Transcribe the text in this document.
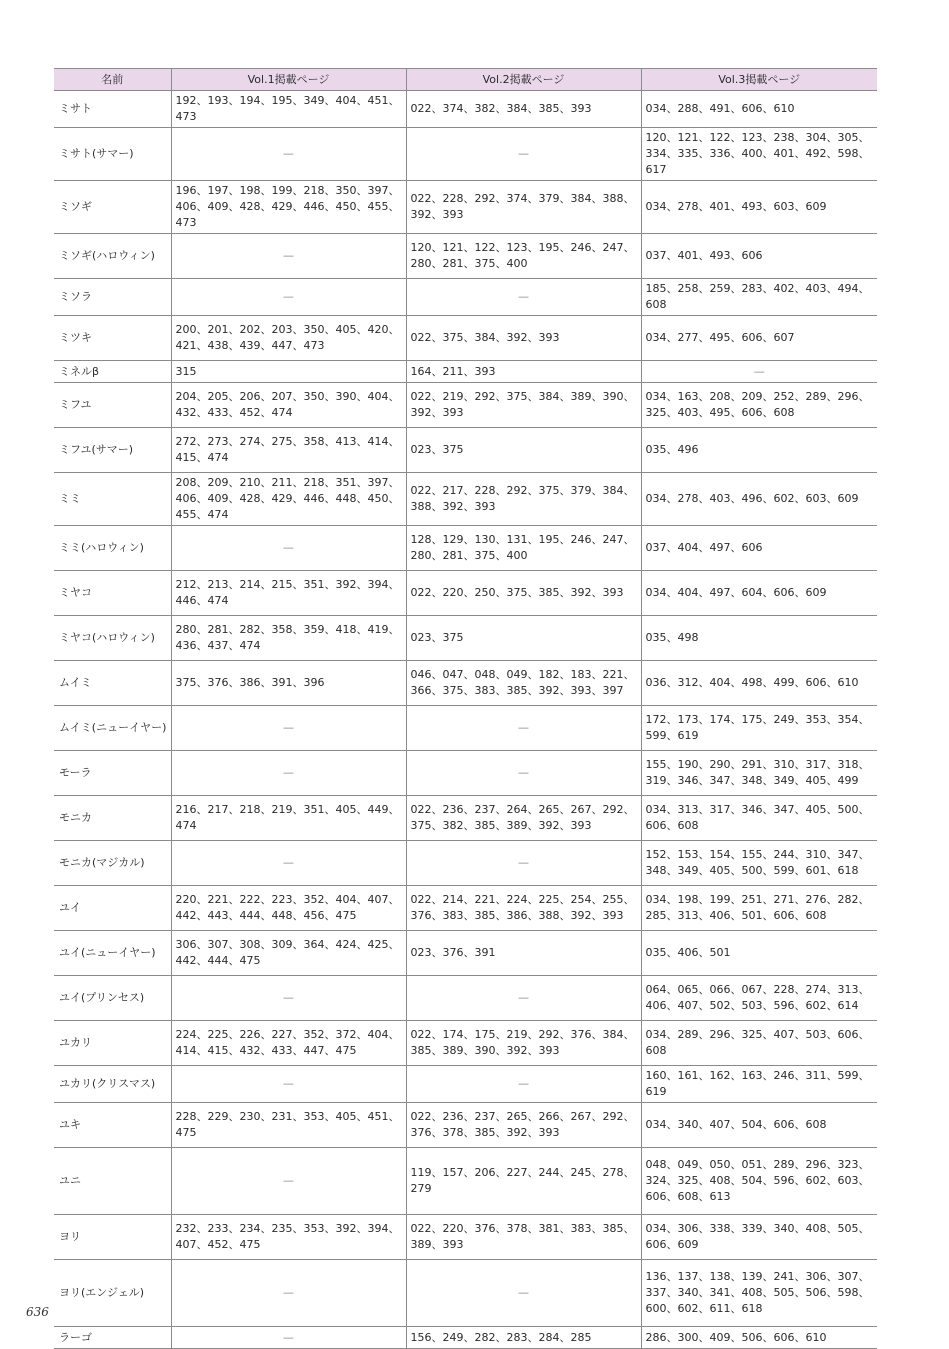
名前	Vol.1掲載ページ	Vol.2掲載ページ	Vol.3掲載ページ
ミサト	192、193、194、195、349、404、451、473	022、374、382、384、385、393	034、288、491、606、610
ミサト(サマー)	—	—	120、121、122、123、238、304、305、334、335、336、400、401、492、598、617
ミソギ	196、197、198、199、218、350、397、406、409、428、429、446、450、455、473	022、228、292、374、379、384、388、392、393	034、278、401、493、603、609
ミソギ(ハロウィン)	—	120、121、122、123、195、246、247、280、281、375、400	037、401、493、606
ミソラ	—	—	185、258、259、283、402、403、494、608
ミツキ	200、201、202、203、350、405、420、421、438、439、447、473	022、375、384、392、393	034、277、495、606、607
ミネルβ	315	164、211、393	—
ミフユ	204、205、206、207、350、390、404、432、433、452、474	022、219、292、375、384、389、390、392、393	034、163、208、209、252、289、296、325、403、495、606、608
ミフユ(サマー)	272、273、274、275、358、413、414、415、474	023、375	035、496
ミミ	208、209、210、211、218、351、397、406、409、428、429、446、448、450、455、474	022、217、228、292、375、379、384、388、392、393	034、278、403、496、602、603、609
ミミ(ハロウィン)	—	128、129、130、131、195、246、247、280、281、375、400	037、404、497、606
ミヤコ	212、213、214、215、351、392、394、446、474	022、220、250、375、385、392、393	034、404、497、604、606、609
ミヤコ(ハロウィン)	280、281、282、358、359、418、419、436、437、474	023、375	035、498
ムイミ	375、376、386、391、396	046、047、048、049、182、183、221、366、375、383、385、392、393、397	036、312、404、498、499、606、610
ムイミ(ニューイヤー)	—	—	172、173、174、175、249、353、354、599、619
モーラ	—	—	155、190、290、291、310、317、318、319、346、347、348、349、405、499
モニカ	216、217、218、219、351、405、449、474	022、236、237、264、265、267、292、375、382、385、389、392、393	034、313、317、346、347、405、500、606、608
モニカ(マジカル)	—	—	152、153、154、155、244、310、347、348、349、405、500、599、601、618
ユイ	220、221、222、223、352、404、407、442、443、444、448、456、475	022、214、221、224、225、254、255、376、383、385、386、388、392、393	034、198、199、251、271、276、282、285、313、406、501、606、608
ユイ(ニューイヤー)	306、307、308、309、364、424、425、442、444、475	023、376、391	035、406、501
ユイ(プリンセス)	—	—	064、065、066、067、228、274、313、406、407、502、503、596、602、614
ユカリ	224、225、226、227、352、372、404、414、415、432、433、447、475	022、174、175、219、292、376、384、385、389、390、392、393	034、289、296、325、407、503、606、608
ユカリ(クリスマス)	—	—	160、161、162、163、246、311、599、619
ユキ	228、229、230、231、353、405、451、475	022、236、237、265、266、267、292、376、378、385、392、393	034、340、407、504、606、608
ユニ	—	119、157、206、227、244、245、278、279	048、049、050、051、289、296、323、324、325、408、504、596、602、603、606、608、613
ヨリ	232、233、234、235、353、392、394、407、452、475	022、220、376、378、381、383、385、389、393	034、306、338、339、340、408、505、606、609
ヨリ(エンジェル)	—	—	136、137、138、139、241、306、307、337、340、341、408、505、506、598、600、602、611、618
ラーゴ	—	156、249、282、283、284、285	286、300、409、506、606、610
636
